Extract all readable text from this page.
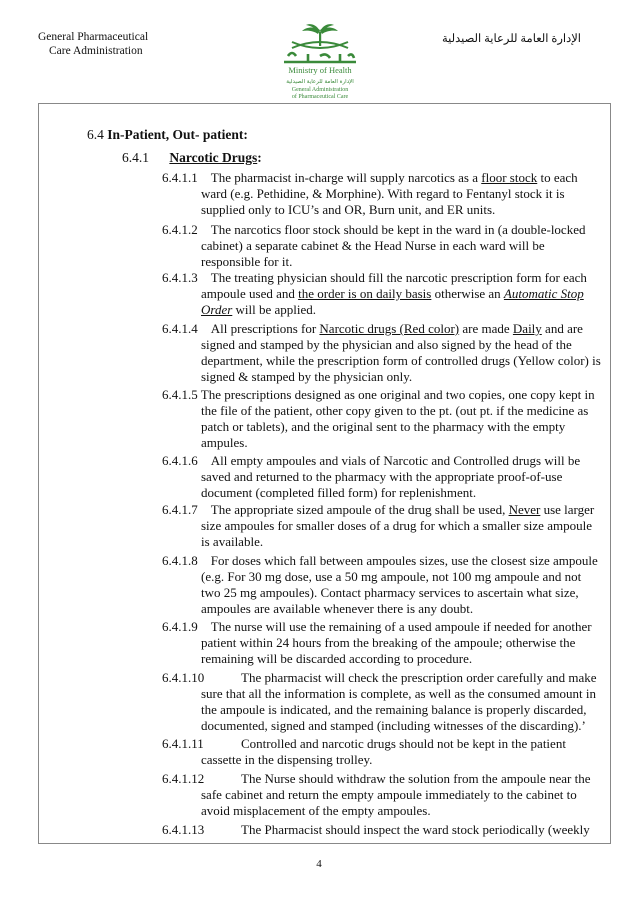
General Pharmaceutical
Care Administration
Ministry of Health
الإدارة العامة للرعاية الصيدلية
General Administration
of Pharmaceutical Care
الإدارة العامة للرعاية الصيدلية
6.4 In-Patient, Out- patient:
6.4.1 Narcotic Drugs:
6.4.1.1 The pharmacist in-charge will supply narcotics as a floor stock to each ward (e.g. Pethidine, & Morphine). With regard to Fentanyl stock it is supplied only to ICU’s and OR, Burn unit, and ER units.
6.4.1.2 The narcotics floor stock should be kept in the ward in (a double-locked cabinet) a separate cabinet & the Head Nurse in each ward will be responsible for it.
6.4.1.3 The treating physician should fill the narcotic prescription form for each ampoule used and the order is on daily basis otherwise an Automatic Stop Order will be applied.
6.4.1.4 All prescriptions for Narcotic drugs (Red color) are made Daily and are signed and stamped by the physician and also signed by the head of the department, while the prescription form of controlled drugs (Yellow color) is signed & stamped by the physician only.
6.4.1.5 The prescriptions designed as one original and two copies, one copy kept in the file of the patient, other copy given to the pt. (out pt. if the medicine as patch or tablets), and the original sent to the pharmacy with the empty ampules.
6.4.1.6 All empty ampoules and vials of Narcotic and Controlled drugs will be saved and returned to the pharmacy with the appropriate proof-of-use document (completed filled form) for replenishment.
6.4.1.7 The appropriate sized ampoule of the drug shall be used, Never use larger size ampoules for smaller doses of a drug for which a smaller size ampoule is available.
6.4.1.8 For doses which fall between ampoules sizes, use the closest size ampoule (e.g. For 30 mg dose, use a 50 mg ampoule, not 100 mg ampoule and not two 25 mg ampoules). Contact pharmacy services to ascertain what size, ampoules are available whenever there is any doubt.
6.4.1.9 The nurse will use the remaining of a used ampoule if needed for another patient within 24 hours from the breaking of the ampoule; otherwise the remaining will be discarded according to procedure.
6.4.1.10	The pharmacist will check the prescription order carefully and make sure that all the information is complete, as well as the consumed amount in the ampoule is indicated, and the remaining balance is properly discarded, documented, signed and stamped (including witnesses of the discarding).’
6.4.1.11	Controlled and narcotic drugs should not be kept in the patient cassette in the dispensing trolley.
6.4.1.12	The Nurse should withdraw the solution from the ampoule near the safe cabinet and return the empty ampoule immediately to the cabinet to avoid misplacement of the empty ampoules.
6.4.1.13	The Pharmacist should inspect the ward stock periodically (weekly
4
